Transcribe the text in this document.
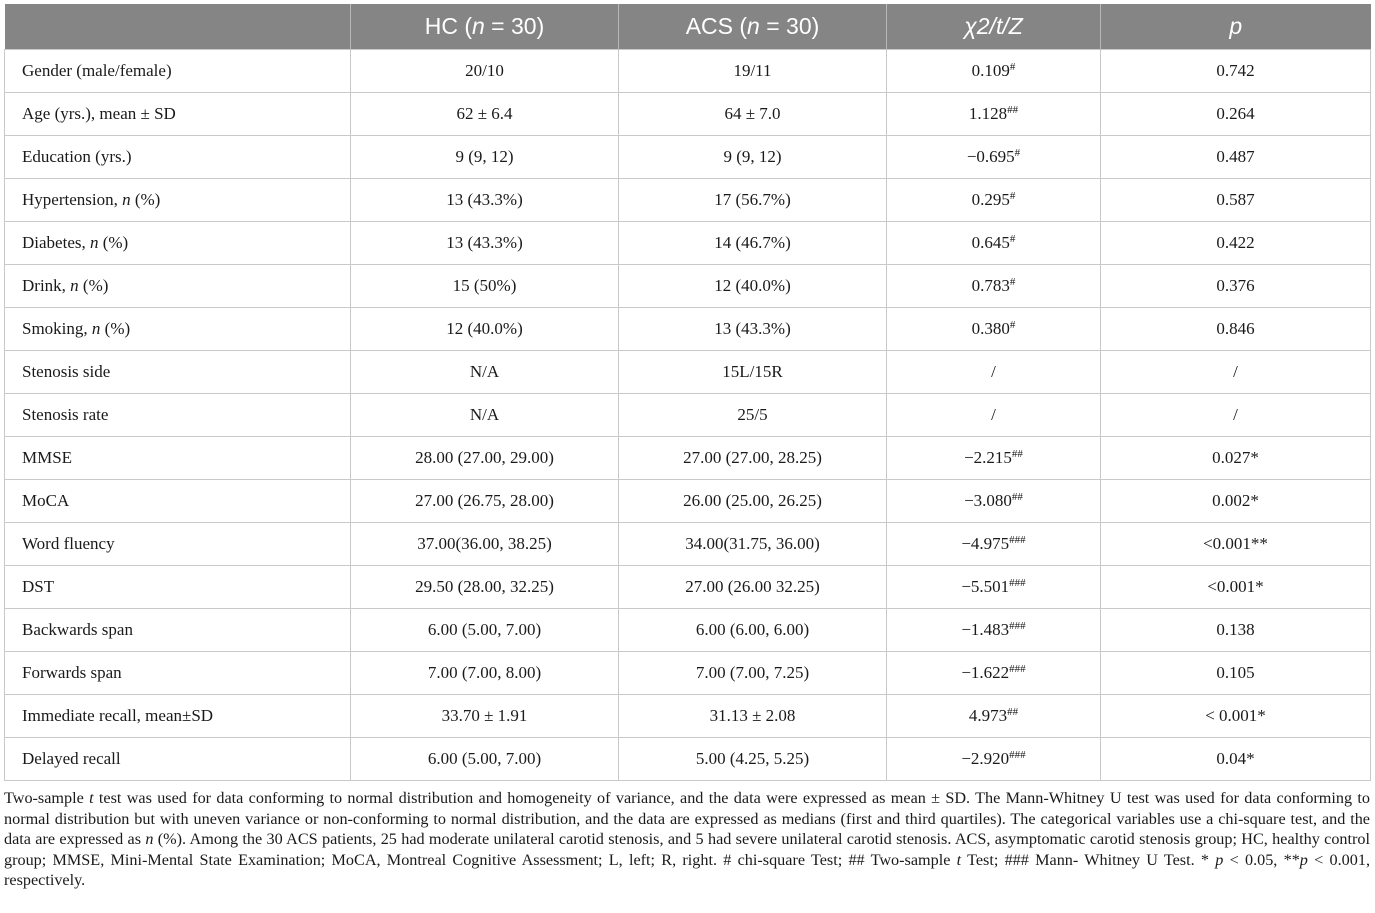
	HC (n = 30)	ACS (n = 30)	χ2/t/Z	p
Gender (male/female)	20/10	19/11	0.109#	0.742
Age (yrs.), mean ± SD	62 ± 6.4	64 ± 7.0	1.128##	0.264
Education (yrs.)	9 (9, 12)	9 (9, 12)	−0.695#	0.487
Hypertension, n (%)	13 (43.3%)	17 (56.7%)	0.295#	0.587
Diabetes, n (%)	13 (43.3%)	14 (46.7%)	0.645#	0.422
Drink, n (%)	15 (50%)	12 (40.0%)	0.783#	0.376
Smoking, n (%)	12 (40.0%)	13 (43.3%)	0.380#	0.846
Stenosis side	N/A	15L/15R	/	/
Stenosis rate	N/A	25/5	/	/
MMSE	28.00 (27.00, 29.00)	27.00 (27.00, 28.25)	−2.215##	0.027*
MoCA	27.00 (26.75, 28.00)	26.00 (25.00, 26.25)	−3.080##	0.002*
Word fluency	37.00(36.00, 38.25)	34.00(31.75, 36.00)	−4.975###	<0.001**
DST	29.50 (28.00, 32.25)	27.00 (26.00 32.25)	−5.501###	<0.001*
Backwards span	6.00 (5.00, 7.00)	6.00 (6.00, 6.00)	−1.483###	0.138
Forwards span	7.00 (7.00, 8.00)	7.00 (7.00, 7.25)	−1.622###	0.105
Immediate recall, mean±SD	33.70 ± 1.91	31.13 ± 2.08	4.973##	< 0.001*
Delayed recall	6.00 (5.00, 7.00)	5.00 (4.25, 5.25)	−2.920###	0.04*

Two-sample t test was used for data conforming to normal distribution and homogeneity of variance, and the data were expressed as mean ± SD. The Mann-Whitney U test was used for data conforming to normal distribution but with uneven variance or non-conforming to normal distribution, and the data are expressed as medians (first and third quartiles). The categorical variables use a chi-square test, and the data are expressed as n (%). Among the 30 ACS patients, 25 had moderate unilateral carotid stenosis, and 5 had severe unilateral carotid stenosis. ACS, asymptomatic carotid stenosis group; HC, healthy control group; MMSE, Mini-Mental State Examination; MoCA, Montreal Cognitive Assessment; L, left; R, right. # chi-square Test; ## Two-sample t Test; ### Mann- Whitney U Test. * p < 0.05, **p < 0.001, respectively.
